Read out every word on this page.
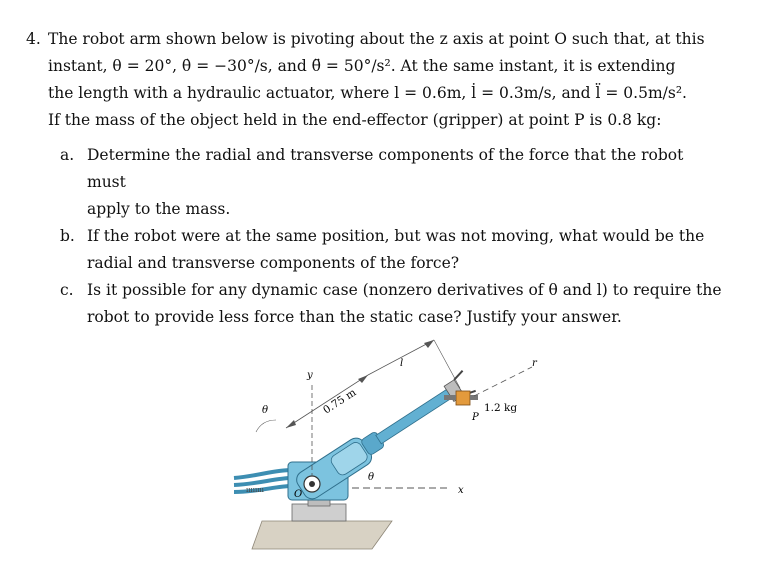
4. The robot arm shown below is pivoting about the z axis at point O such that, at this
instant, θ = 20°, θ̇ = −30°/s, and θ̈ = 50°/s². At the same instant, it is extending
the length with a hydraulic actuator, where l = 0.6m, l̇ = 0.3m/s, and l̈ = 0.5m/s².
If the mass of the object held in the end-effector (gripper) at point P is 0.8 kg:
a. Determine the radial and transverse components of the force that the robot must
apply to the mass.
b. If the robot were at the same position, but was not moving, what would be the
radial and transverse components of the force?
c. Is it possible for any dynamic case (nonzero derivatives of θ and l) to require the
robot to provide less force than the static case? Justify your answer.
ıııııııı
y
x
r
θ
θ
0.75 m
l
1.2 kg
P
O
